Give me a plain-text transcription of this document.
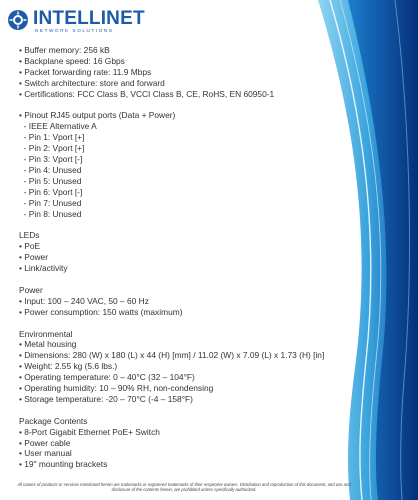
INTELLINET
NETWORK SOLUTIONS
• Buffer memory: 256 kB
• Backplane speed: 16 Gbps
• Packet forwarding rate: 11.9 Mbps
• Switch architecture: store and forward
• Certifications: FCC Class B, VCCI Class B, CE, RoHS, EN 60950-1
• Pinout RJ45 output ports (Data + Power)
- IEEE Alternative A
- Pin 1: Vport [+]
- Pin 2: Vport [+]
- Pin 3: Vport [-]
- Pin 4: Unused
- Pin 5: Unused
- Pin 6: Vport [-]
- Pin 7: Unused
- Pin 8: Unused
LEDs
• PoE
• Power
• Link/activity
Power
• Input: 100 – 240 VAC, 50 – 60 Hz
• Power consumption: 150 watts (maximum)
Environmental
• Metal housing
• Dimensions: 280 (W) x 180 (L) x 44 (H) [mm] / 11.02 (W) x 7.09 (L) x 1.73 (H) [in]
• Weight: 2.55 kg (5.6 lbs.)
• Operating temperature: 0 – 40°C (32 – 104°F)
• Operating humidity: 10 – 90% RH, non-condensing
• Storage temperature: -20 – 70°C (-4 – 158°F)
Package Contents
• 8-Port Gigabit Ethernet PoE+ Switch
• Power cable
• User manual
• 19" mounting brackets
All names of products or services mentioned herein are trademarks or registered trademarks of their respective owners. Distribution and reproduction of this document, and use and disclosure of the contents herein, are prohibited unless specifically authorized.
